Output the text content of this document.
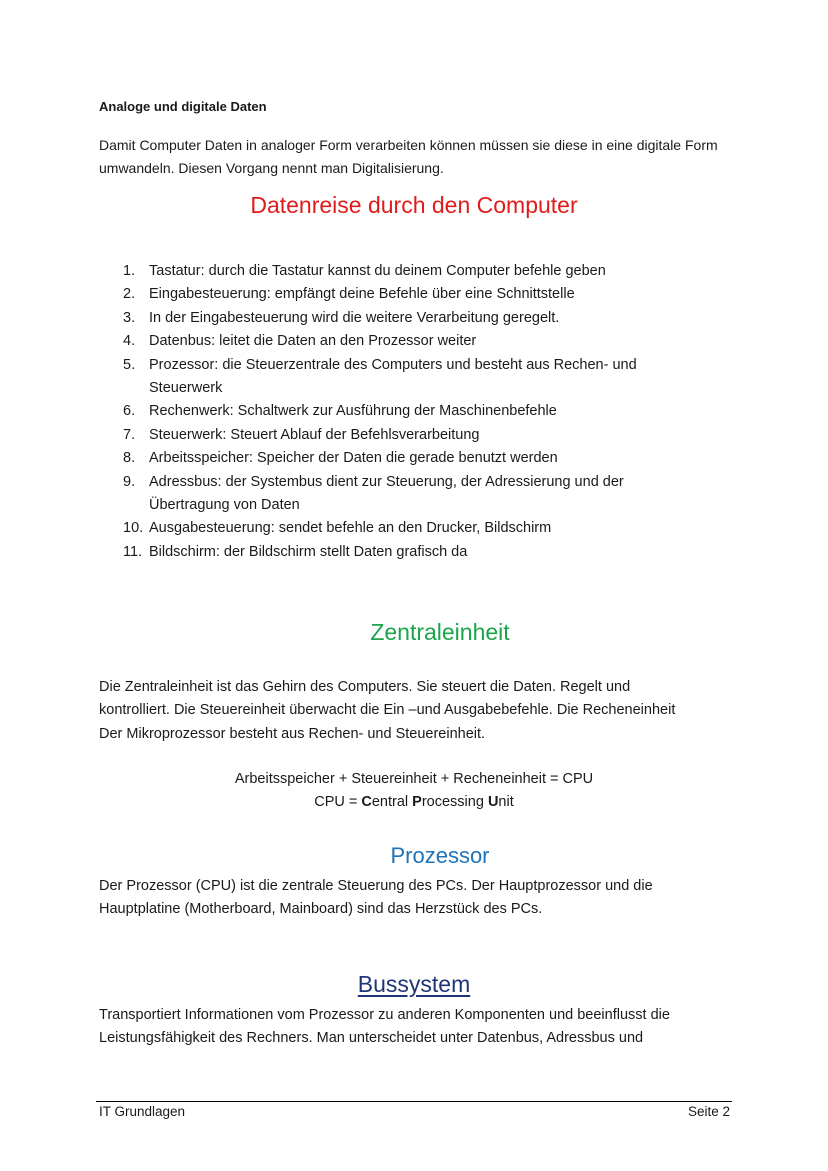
Analoge und digitale Daten

Damit Computer Daten in analoger Form verarbeiten können müssen sie diese in eine digitale Form
umwandeln. Diesen Vorgang nennt man Digitalisierung.

Datenreise durch den Computer
1. Tastatur: durch die Tastatur kannst du deinem Computer befehle geben
2. Eingabesteuerung: empfängt deine Befehle über eine Schnittstelle
3. In der Eingabesteuerung wird die weitere Verarbeitung geregelt.
4. Datenbus: leitet die Daten an den Prozessor weiter
5. Prozessor: die Steuerzentrale des Computers und besteht aus Rechen- und
Steuerwerk
6. Rechenwerk: Schaltwerk zur Ausführung der Maschinenbefehle
7. Steuerwerk: Steuert Ablauf der Befehlsverarbeitung
8. Arbeitsspeicher: Speicher der Daten die gerade benutzt werden
9. Adressbus: der Systembus dient zur Steuerung, der Adressierung und der
Übertragung von Daten
10. Ausgabesteuerung: sendet befehle an den Drucker, Bildschirm
11. Bildschirm: der Bildschirm stellt Daten grafisch da
Zentraleinheit

Die Zentraleinheit ist das Gehirn des Computers. Sie steuert die Daten. Regelt und
kontrolliert. Die Steuereinheit überwacht die Ein –und Ausgabebefehle. Die Recheneinheit
Der Mikroprozessor besteht aus Rechen- und Steuereinheit.

Arbeitsspeicher + Steuereinheit + Recheneinheit = CPU
CPU = Central Processing Unit
Prozessor

Der Prozessor (CPU) ist die zentrale Steuerung des PCs. Der Hauptprozessor und die
Hauptplatine (Motherboard, Mainboard) sind das Herzstück des PCs.

Bussystem

Transportiert Informationen vom Prozessor zu anderen Komponenten und beeinflusst die
Leistungsfähigkeit des Rechners. Man unterscheidet unter Datenbus, Adressbus und

IT Grundlagen	Seite 2
